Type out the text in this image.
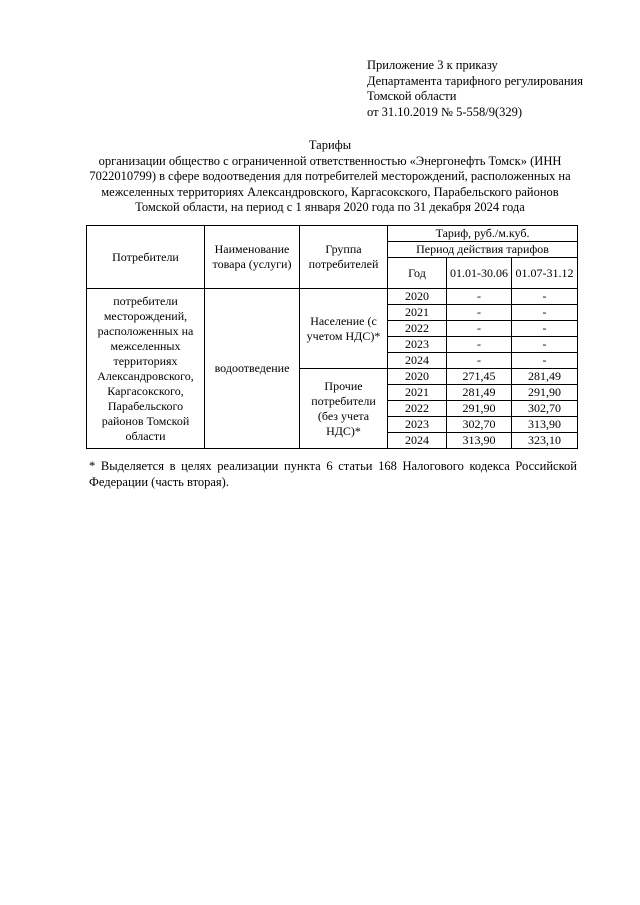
Приложение 3 к приказу
Департамента тарифного регулирования
Томской области
от 31.10.2019 № 5-558/9(329)
Тарифы
организации общество с ограниченной ответственностью «Энергонефть Томск» (ИНН
7022010799) в сфере водоотведения для потребителей месторождений, расположенных на
межселенных территориях Александровского, Каргасокского, Парабельского районов
Томской области, на период с 1 января 2020 года по 31 декабря 2024 года
Потребители	Наименование товара (услуги)	Группа потребителей	Тариф, руб./м.куб.		
			Период действия тарифов		
			Год	01.01-30.06	01.07-31.12
потребители месторождений, расположенных на межселенных территориях Александровского, Каргасокского, Парабельского районов Томской области	водоотведение	Население (с учетом НДС)*	2020	-	-
			2021	-	-
			2022	-	-
			2023	-	-
			2024	-	-
		Прочие потребители (без учета НДС)*	2020	271,45	281,49
			2021	281,49	291,90
			2022	291,90	302,70
			2023	302,70	313,90
			2024	313,90	323,10
* Выделяется в целях реализации пункта 6 статьи 168 Налогового кодекса Российской Федерации (часть вторая).
